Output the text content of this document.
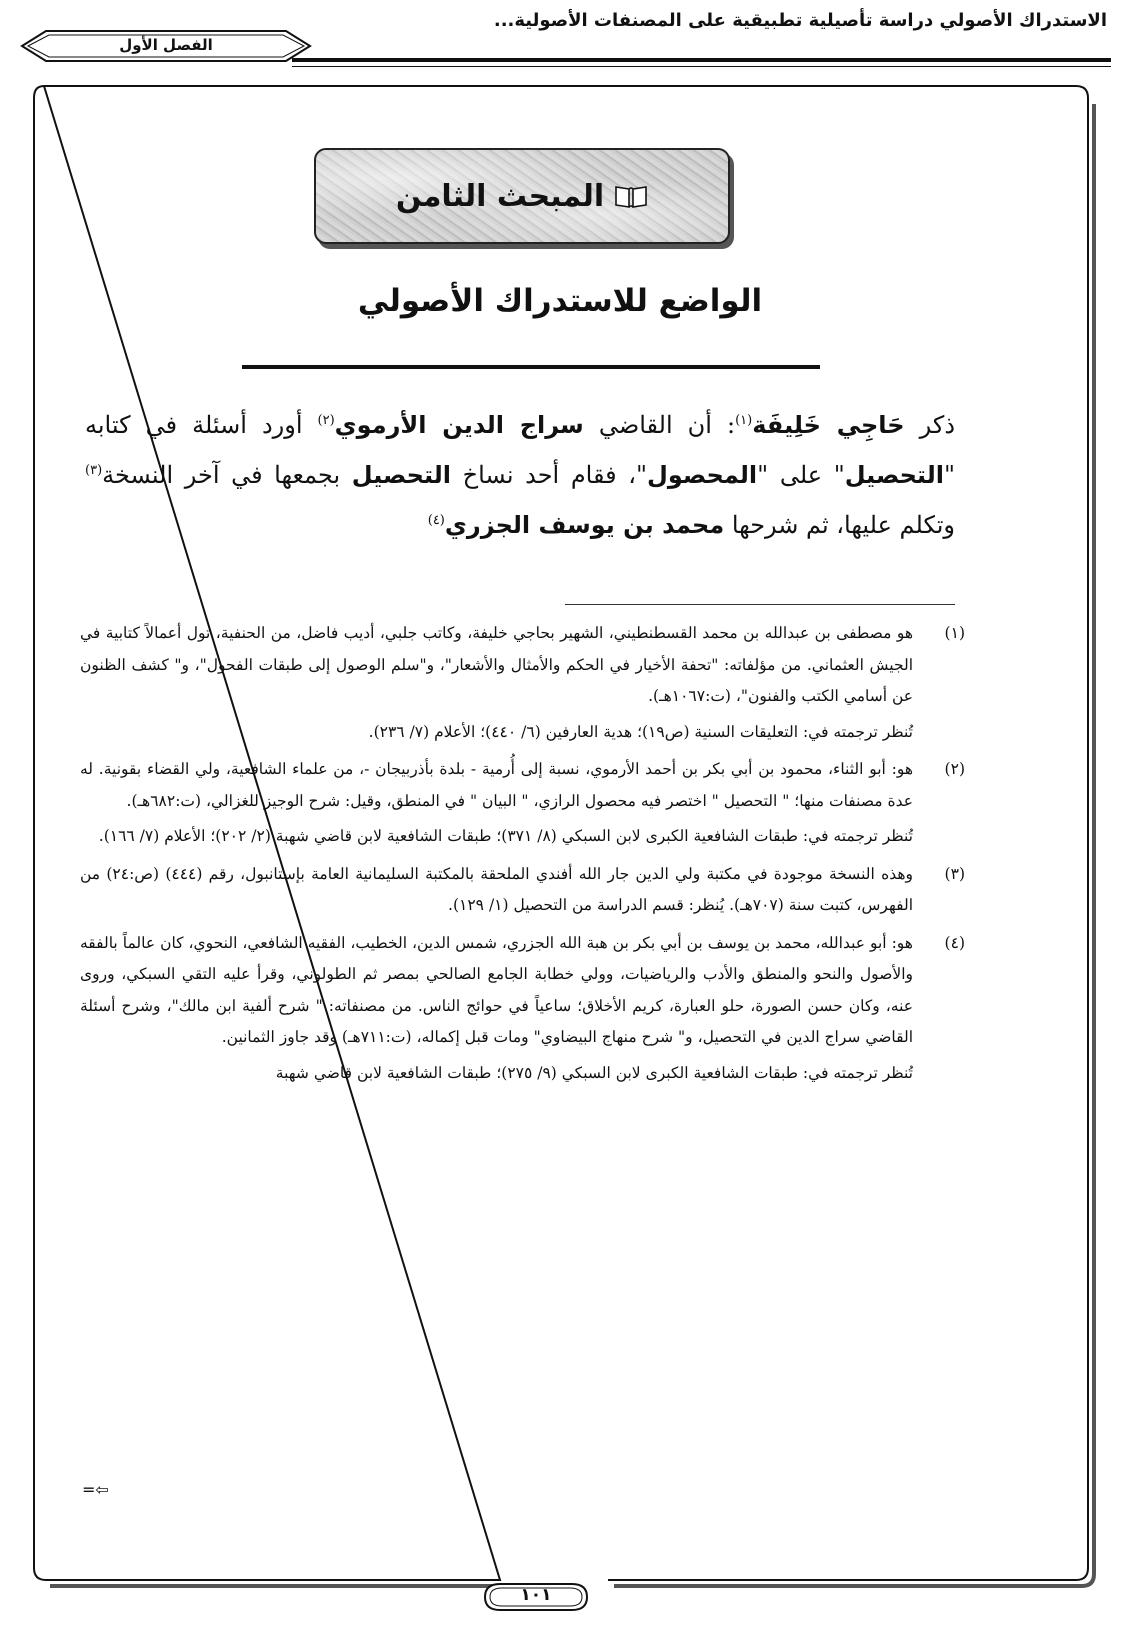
الاستدراك الأصولي دراسة تأصيلية تطبيقية على المصنفات الأصولية...
الفصل الأول
المبحث الثامن
الواضع للاستدراك الأصولي
ذكر حَاجِي خَلِيفَة$^{(١)}$: أن القاضي سراج الدين الأرموي$^{(٢)}$ أورد أسئلة في كتابه "التحصيل" على "المحصول"، فقام أحد نساخ التحصيل بجمعها في آخر النسخة$^{(٣)}$ وتكلم عليها، ثم شرحها محمد بن يوسف الجزري$^{(٤)}$
(١)

هو مصطفى بن عبدالله بن محمد القسطنطيني، الشهير بحاجي خليفة، وكاتب جلبي، أديب فاضل، من الحنفية، تول أعمالاً كتابية في الجيش العثماني. من مؤلفاته: "تحفة الأخيار في الحكم والأمثال والأشعار"، و"سلم الوصول إلى طبقات الفحول"، و" كشف الظنون عن أسامي الكتب والفنون"، (ت:١٠٦٧هـ).

تُنظر ترجمته في: التعليقات السنية (ص١٩)؛ هدية العارفين (٦/ ٤٤٠)؛ الأعلام (٧/ ٢٣٦).

(٢)

هو: أبو الثناء، محمود بن أبي بكر بن أحمد الأرموي، نسبة إلى أُرمية - بلدة بأذربيجان -، من علماء الشافعية، ولي القضاء بقونية. له عدة مصنفات منها؛ " التحصيل " اختصر فيه محصول الرازي، " البيان " في المنطق، وقيل: شرح الوجيز للغزالي، (ت:٦٨٢هـ).

تُنظر ترجمته في: طبقات الشافعية الكبرى لابن السبكي (٨/ ٣٧١)؛ طبقات الشافعية لابن قاضي شهبة (٢/ ٢٠٢)؛ الأعلام (٧/ ١٦٦).

(٣)

وهذه النسخة موجودة في مكتبة ولي الدين جار الله أفندي الملحقة بالمكتبة السليمانية العامة بإستانبول، رقم (٤٤٤) (ص:٢٤) من الفهرس، كتبت سنة (٧٠٧هـ). يُنظر: قسم الدراسة من التحصيل (١/ ١٢٩).

(٤)

هو: أبو عبدالله، محمد بن يوسف بن أبي بكر بن هبة الله الجزري، شمس الدين، الخطيب، الفقيه الشافعي، النحوي، كان عالماً بالفقه والأصول والنحو والمنطق والأدب والرياضيات، وولي خطابة الجامع الصالحي بمصر ثم الطولوني، وقرأ عليه التقي السبكي، وروى عنه، وكان حسن الصورة، حلو العبارة، كريم الأخلاق؛ ساعياً في حوائج الناس. من مصنفاته: " شرح ألفية ابن مالك"، وشرح أسئلة القاضي سراج الدين في التحصيل، و" شرح منهاج البيضاوي" ومات قبل إكماله، (ت:٧١١هـ) وقد جاوز الثمانين.

تُنظر ترجمته في: طبقات الشافعية الكبرى لابن السبكي (٩/ ٢٧٥)؛ طبقات الشافعية لابن قاضي شهبة

=⇦
١٠١
